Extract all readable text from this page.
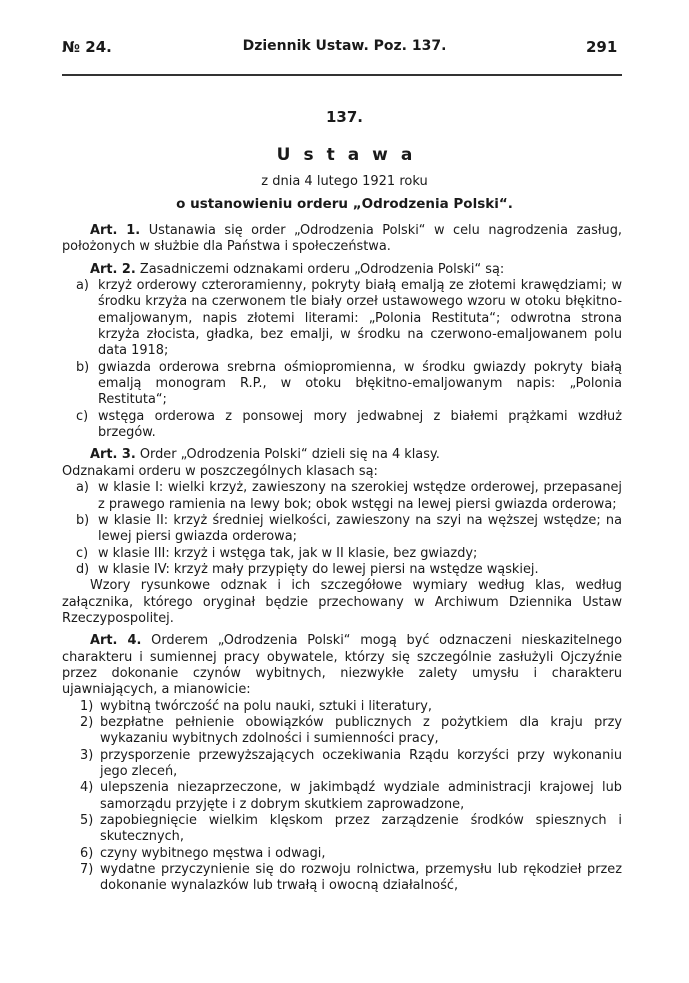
Dziennik Ustaw. Poz. 137.
№ 24.	291
137.
Ustawa
z dnia 4 lutego 1921 roku
o ustanowieniu orderu „Odrodzenia Polski“.

Art. 1. Ustanawia się order „Odrodzenia Polski“ w celu nagrodzenia zasług, położonych w służbie dla Państwa i społeczeństwa.

Art. 2. Zasadniczemi odznakami orderu „Odrodzenia Polski“ są:

a) krzyż orderowy czteroramienny, pokryty białą emalją ze złotemi krawędziami; w środku krzyża na czerwonem tle biały orzeł ustawowego wzoru w otoku błękitno-emaljowanym, napis złotemi literami: „Polonia Restituta“; odwrotna strona krzyża złocista, gładka, bez emalji, w środku na czerwono-emaljowanem polu data 1918;
b) gwiazda orderowa srebrna ośmiopromienna, w środku gwiazdy pokryty białą emalją monogram R.P., w otoku błękitno-emaljowanym napis: „Polonia Restituta“;
c) wstęga orderowa z ponsowej mory jedwabnej z białemi prążkami wzdłuż brzegów.

Art. 3. Order „Odrodzenia Polski“ dzieli się na 4 klasy.

Odznakami orderu w poszczególnych klasach są:

a) w klasie I: wielki krzyż, zawieszony na szerokiej wstędze orderowej, przepasanej z prawego ramienia na lewy bok; obok wstęgi na lewej piersi gwiazda orderowa;
b) w klasie II: krzyż średniej wielkości, zawieszony na szyi na węższej wstędze; na lewej piersi gwiazda orderowa;
c) w klasie III: krzyż i wstęga tak, jak w II klasie, bez gwiazdy;
d) w klasie IV: krzyż mały przypięty do lewej piersi na wstędze wąskiej.

Wzory rysunkowe odznak i ich szczegółowe wymiary według klas, według załącznika, którego oryginał będzie przechowany w Archiwum Dziennika Ustaw Rzeczypospolitej.

Art. 4. Orderem „Odrodzenia Polski“ mogą być odznaczeni nieskazitelnego charakteru i sumiennej pracy obywatele, którzy się szczególnie zasłużyli Ojczyźnie przez dokonanie czynów wybitnych, niezwykłe zalety umysłu i charakteru ujawniających, a mianowicie:

1) wybitną twórczość na polu nauki, sztuki i literatury,
2) bezpłatne pełnienie obowiązków publicznych z pożytkiem dla kraju przy wykazaniu wybitnych zdolności i sumienności pracy,
3) przysporzenie przewyższających oczekiwania Rządu korzyści przy wykonaniu jego zleceń,
4) ulepszenia niezaprzeczone, w jakimbądź wydziale administracji krajowej lub samorządu przyjęte i z dobrym skutkiem zaprowadzone,
5) zapobiegnięcie wielkim klęskom przez zarządzenie środków spiesznych i skutecznych,
6) czyny wybitnego męstwa i odwagi,
7) wydatne przyczynienie się do rozwoju rolnictwa, przemysłu lub rękodzieł przez dokonanie wynalazków lub trwałą i owocną działalność,
